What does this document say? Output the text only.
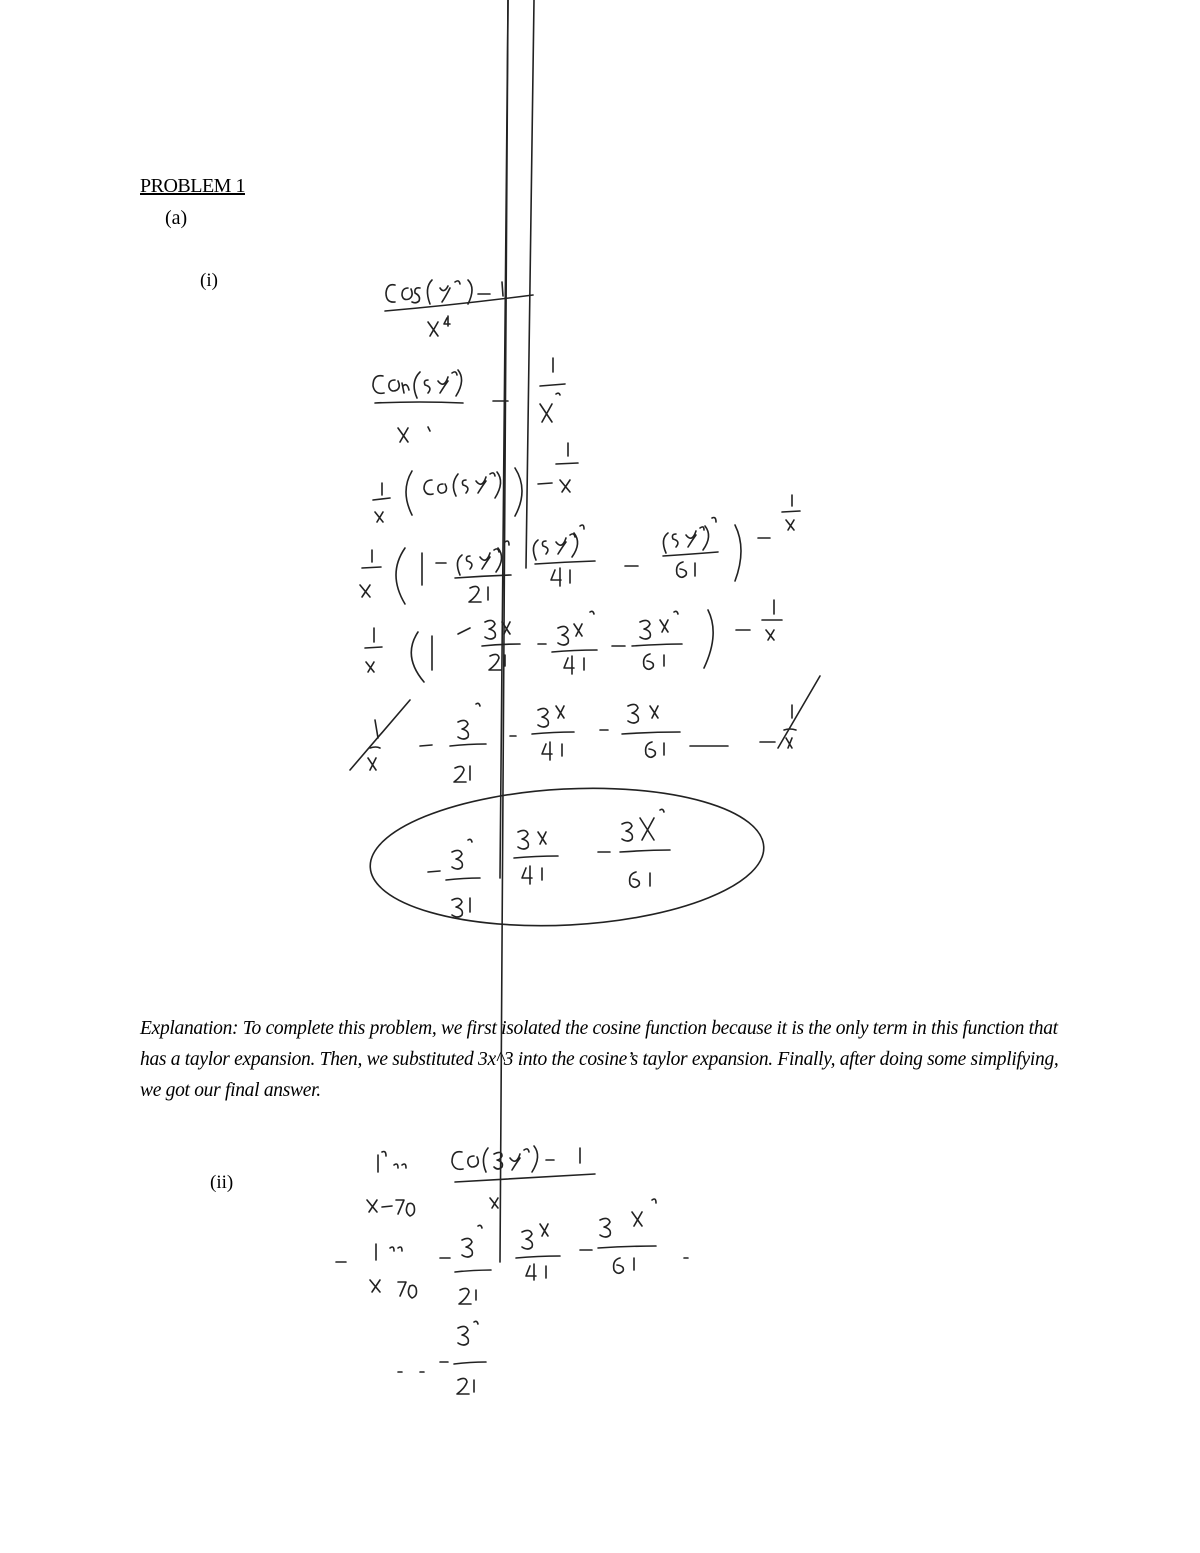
PROBLEM 1
(a)
(i)
Explanation: To complete this problem, we first isolated the cosine function because it is the only term in this function that has a taylor expansion. Then, we substituted 3x^3 into the cosine’s taylor expansion. Finally, after doing some simplifying, we got our final answer.
(ii)
